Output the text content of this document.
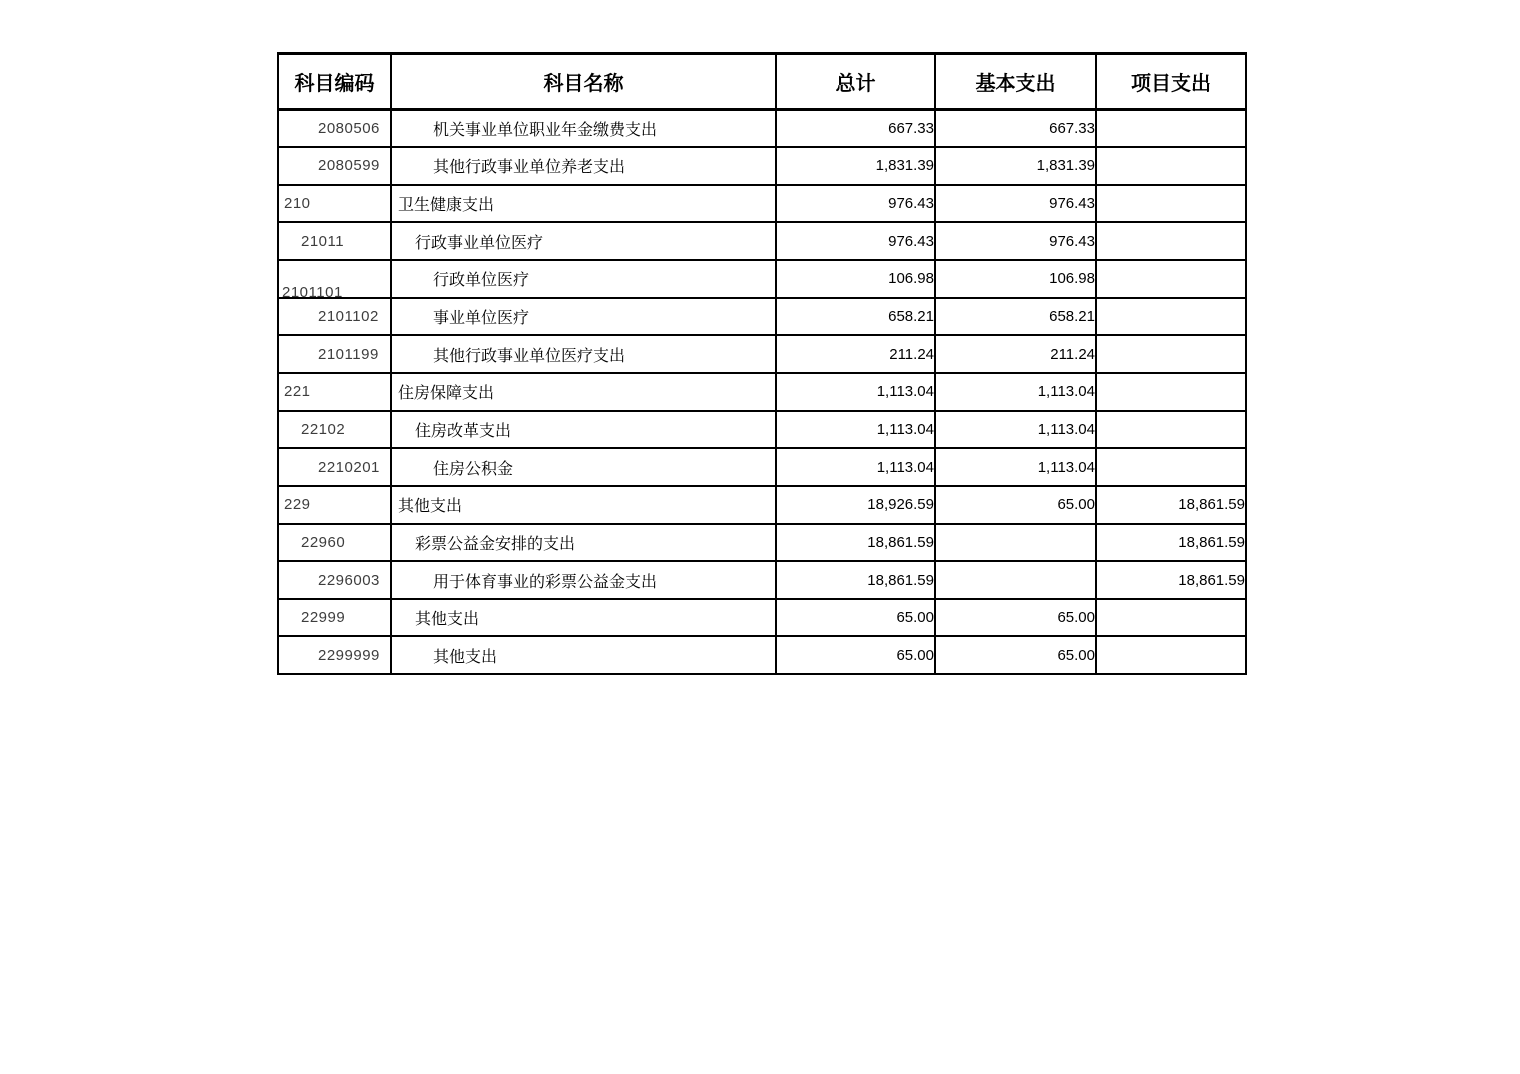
科目编码	科目名称	总计	基本支出	项目支出
2080506	机关事业单位职业年金缴费支出	667.33	667.33	
2080599	其他行政事业单位养老支出	1,831.39	1,831.39	
210	卫生健康支出	976.43	976.43	
21011	行政事业单位医疗	976.43	976.43	

2101101	行政单位医疗	106.98	106.98	
2101102	事业单位医疗	658.21	658.21	
2101199	其他行政事业单位医疗支出	211.24	211.24	
221	住房保障支出	1,113.04	1,113.04	
22102	住房改革支出	1,113.04	1,113.04	
2210201	住房公积金	1,113.04	1,113.04	
229	其他支出	18,926.59	65.00	18,861.59
22960	彩票公益金安排的支出	18,861.59		18,861.59
2296003	用于体育事业的彩票公益金支出	18,861.59		18,861.59
22999	其他支出	65.00	65.00	
2299999	其他支出	65.00	65.00	
